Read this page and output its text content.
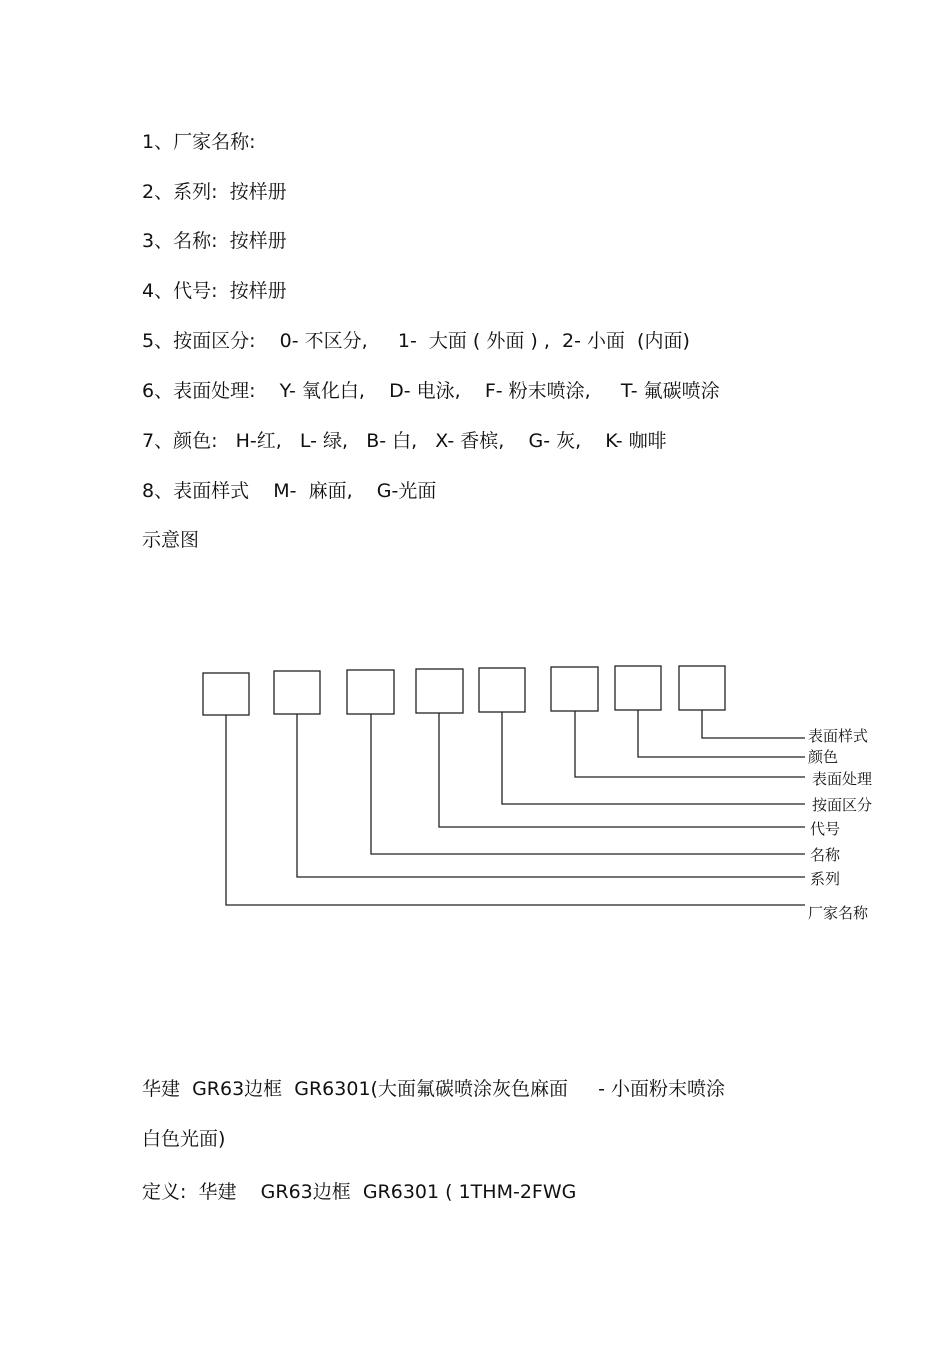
1、厂家名称:

2、系列:  按样册

3、名称:  按样册

4、代号:  按样册

5、按面区分:    0- 不区分,     1-  大面 ( 外面 ) ,  2- 小面  (内面)

6、表面处理:    Y- 氧化白,    D- 电泳,    F- 粉末喷涂,     T- 氟碳喷涂

7、颜色:   H-红,   L- 绿,   B- 白,   X- 香槟,    G- 灰,    K- 咖啡

8、表面样式    M-  麻面,    G-光面

示意图

表面样式
颜色
表面处理
按面区分
代号
名称
系列
厂家名称

华建  GR63边框  GR6301(大面氟碳喷涂灰色麻面     - 小面粉末喷涂

白色光面)

定义:  华建    GR63边框  GR6301 ( 1THM-2FWG
